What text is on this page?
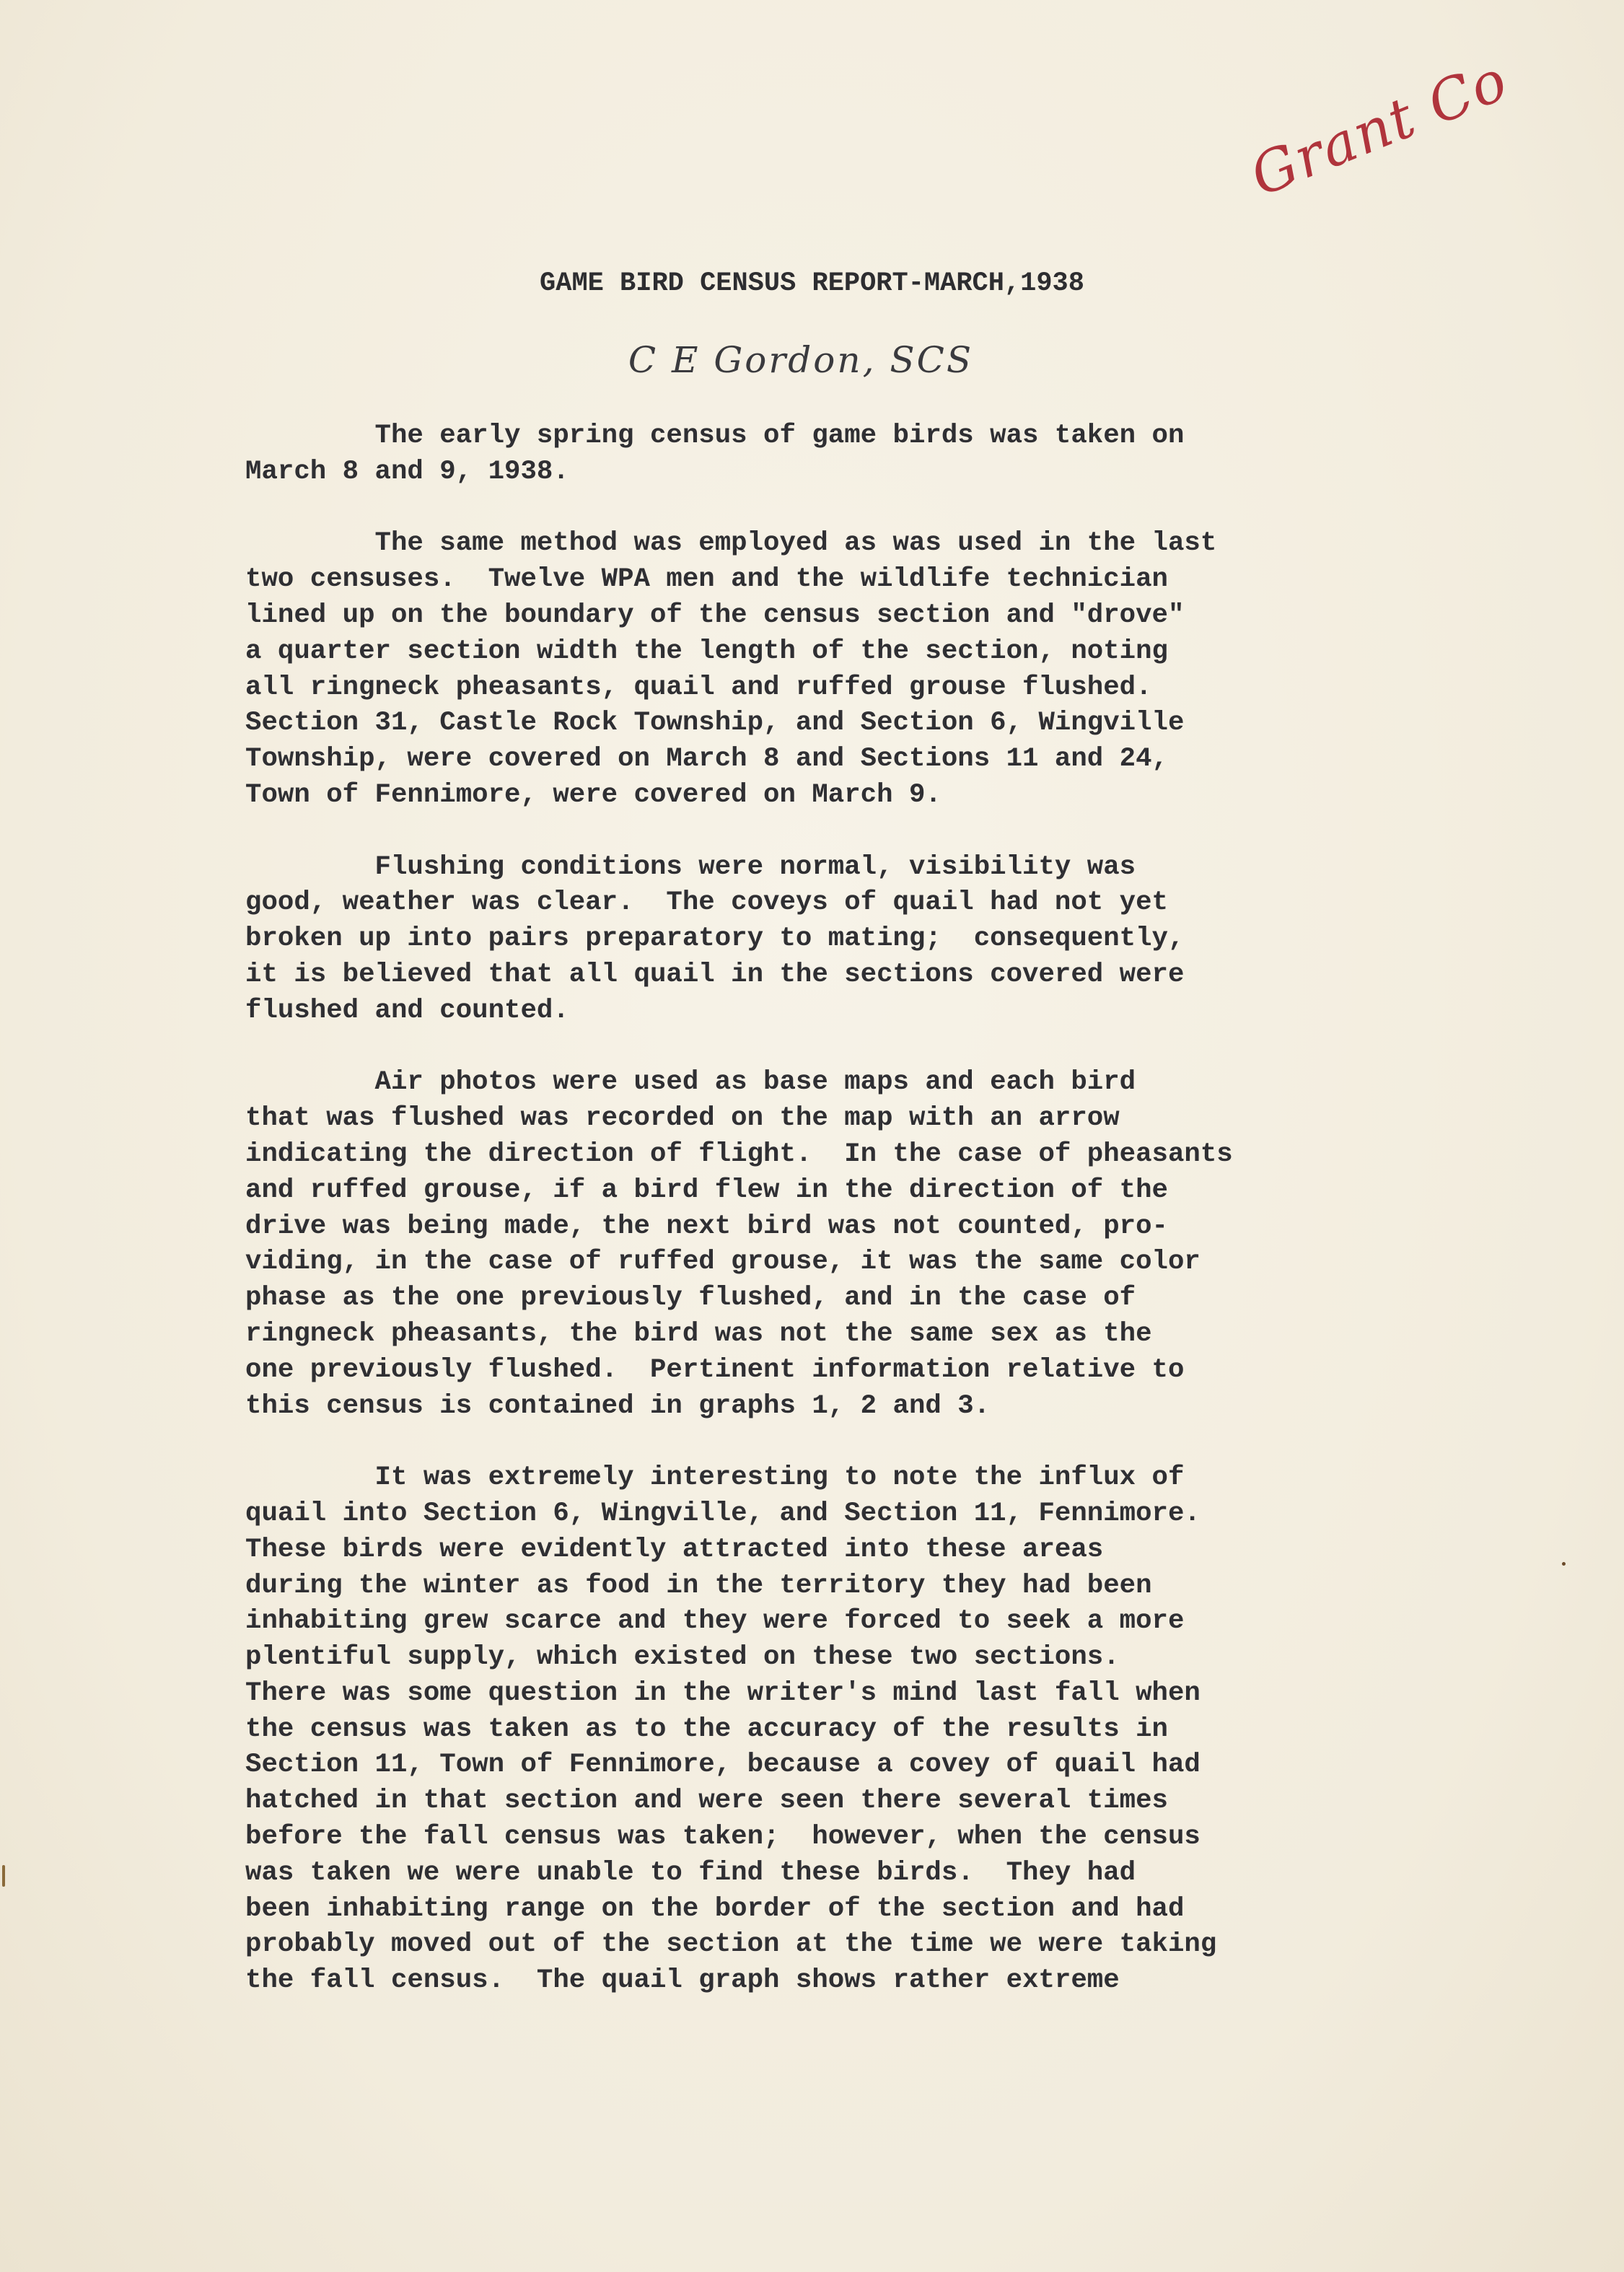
Grant Co
GAME BIRD CENSUS REPORT-MARCH,1938
C E Gordon, SCS
The early spring census of game birds was taken on
March 8 and 9, 1938.
The same method was employed as was used in the last
two censuses.  Twelve WPA men and the wildlife technician
lined up on the boundary of the census section and "drove"
a quarter section width the length of the section, noting
all ringneck pheasants, quail and ruffed grouse flushed.
Section 31, Castle Rock Township, and Section 6, Wingville
Township, were covered on March 8 and Sections 11 and 24,
Town of Fennimore, were covered on March 9.
Flushing conditions were normal, visibility was
good, weather was clear.  The coveys of quail had not yet
broken up into pairs preparatory to mating;  consequently,
it is believed that all quail in the sections covered were
flushed and counted.
Air photos were used as base maps and each bird
that was flushed was recorded on the map with an arrow
indicating the direction of flight.  In the case of pheasants
and ruffed grouse, if a bird flew in the direction of the
drive was being made, the next bird was not counted, pro-
viding, in the case of ruffed grouse, it was the same color
phase as the one previously flushed, and in the case of
ringneck pheasants, the bird was not the same sex as the
one previously flushed.  Pertinent information relative to
this census is contained in graphs 1, 2 and 3.
It was extremely interesting to note the influx of
quail into Section 6, Wingville, and Section 11, Fennimore.
These birds were evidently attracted into these areas
during the winter as food in the territory they had been
inhabiting grew scarce and they were forced to seek a more
plentiful supply, which existed on these two sections.
There was some question in the writer's mind last fall when
the census was taken as to the accuracy of the results in
Section 11, Town of Fennimore, because a covey of quail had
hatched in that section and were seen there several times
before the fall census was taken;  however, when the census
was taken we were unable to find these birds.  They had
been inhabiting range on the border of the section and had
probably moved out of the section at the time we were taking
the fall census.  The quail graph shows rather extreme
